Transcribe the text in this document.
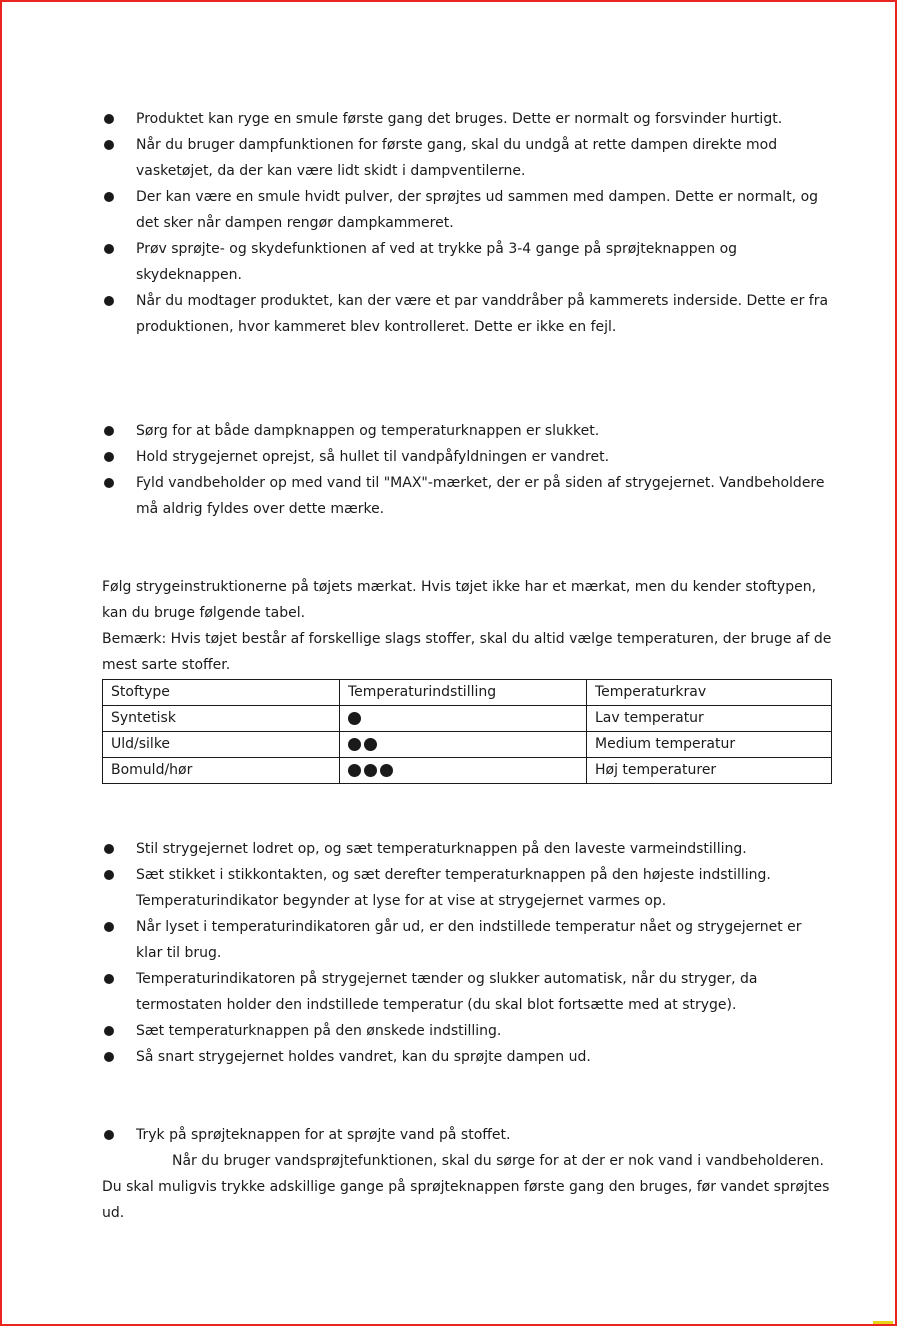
Produktet kan ryge en smule første gang det bruges. Dette er normalt og forsvinder hurtigt.
Når du bruger dampfunktionen for første gang, skal du undgå at rette dampen direkte mod vasketøjet, da der kan være lidt skidt i dampventilerne.
Der kan være en smule hvidt pulver, der sprøjtes ud sammen med dampen. Dette er normalt, og det sker når dampen rengør dampkammeret.
Prøv sprøjte- og skydefunktionen af ved at trykke på 3-4 gange på sprøjteknappen og skydeknappen.
Når du modtager produktet, kan der være et par vanddråber på kammerets inderside. Dette er fra produktionen, hvor kammeret blev kontrolleret. Dette er ikke en fejl.
Sørg for at både dampknappen og temperaturknappen er slukket.
Hold strygejernet oprejst, så hullet til vandpåfyldningen er vandret.
Fyld vandbeholder op med vand til "MAX"-mærket, der er på siden af strygejernet. Vandbeholdere må aldrig fyldes over dette mærke.

Følg strygeinstruktionerne på tøjets mærkat. Hvis tøjet ikke har et mærkat, men du kender stoftypen, kan du bruge følgende tabel.

Bemærk: Hvis tøjet består af forskellige slags stoffer, skal du altid vælge temperaturen, der bruge af de mest sarte stoffer.

Stoftype	Temperaturindstilling	Temperaturkrav
Syntetisk		Lav temperatur
Uld/silke		Medium temperatur
Bomuld/hør		Høj temperaturer
Stil strygejernet lodret op, og sæt temperaturknappen på den laveste varmeindstilling.
Sæt stikket i stikkontakten, og sæt derefter temperaturknappen på den højeste indstilling. Temperaturindikator begynder at lyse for at vise at strygejernet varmes op.
Når lyset i temperaturindikatoren går ud, er den indstillede temperatur nået og strygejernet er klar til brug.
Temperaturindikatoren på strygejernet tænder og slukker automatisk, når du stryger, da termostaten holder den indstillede temperatur (du skal blot fortsætte med at stryge).
Sæt temperaturknappen på den ønskede indstilling.
Så snart strygejernet holdes vandret, kan du sprøjte dampen ud.
Tryk på sprøjteknappen for at sprøjte vand på stoffet.

Når du bruger vandsprøjtefunktionen, skal du sørge for at der er nok vand i vandbeholderen. Du skal muligvis trykke adskillige gange på sprøjteknappen første gang den bruges, før vandet sprøjtes ud.
